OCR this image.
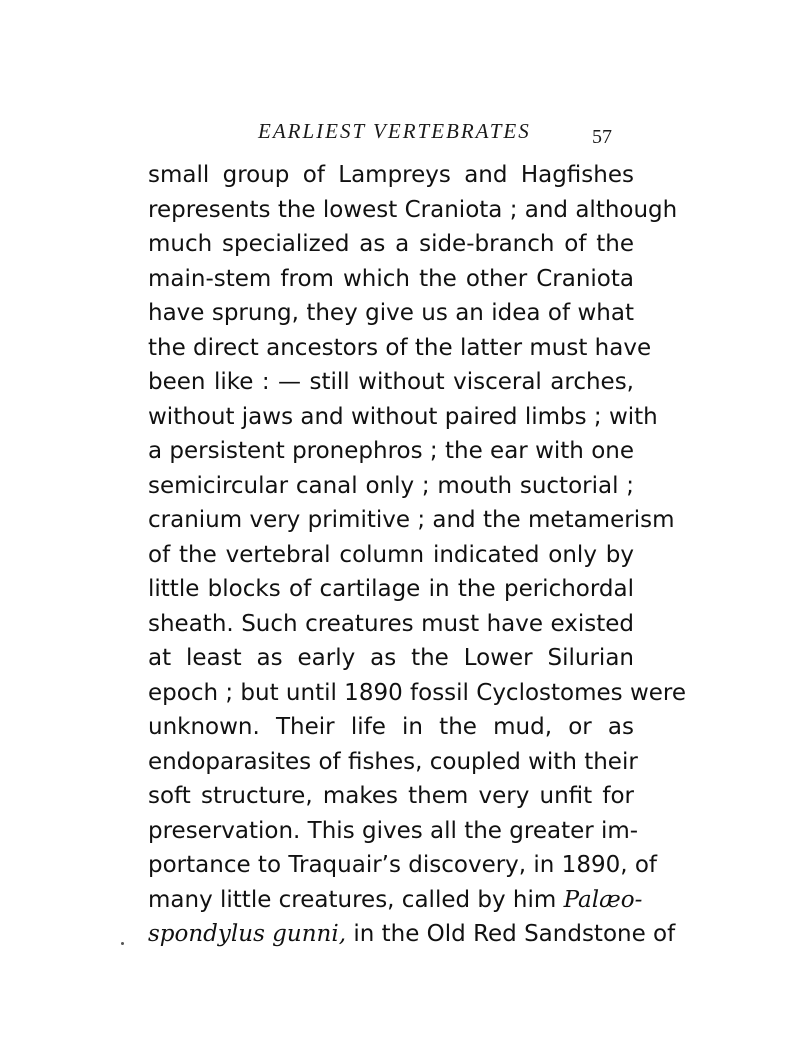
EARLIEST VERTEBRATES	57
small group of Lampreys and Hagfishes
represents the lowest Craniota ; and although
much specialized as a side-branch of the
main-stem from which the other Craniota
have sprung, they give us an idea of what
the direct ancestors of the latter must have
been like : — still without visceral arches,
without jaws and without paired limbs ; with
a persistent pronephros ; the ear with one
semicircular canal only ; mouth suctorial ;
cranium very primitive ; and the metamerism
of the vertebral column indicated only by
little blocks of cartilage in the perichordal
sheath. Such creatures must have existed
at least as early as the Lower Silurian
epoch ; but until 1890 fossil Cyclostomes were
unknown. Their life in the mud, or as
endoparasites of fishes, coupled with their
soft structure, makes them very unfit for
preservation. This gives all the greater im-
portance to Traquair’s discovery, in 1890, of
many little creatures, called by him Palæo-
spondylus gunni, in the Old Red Sandstone of
